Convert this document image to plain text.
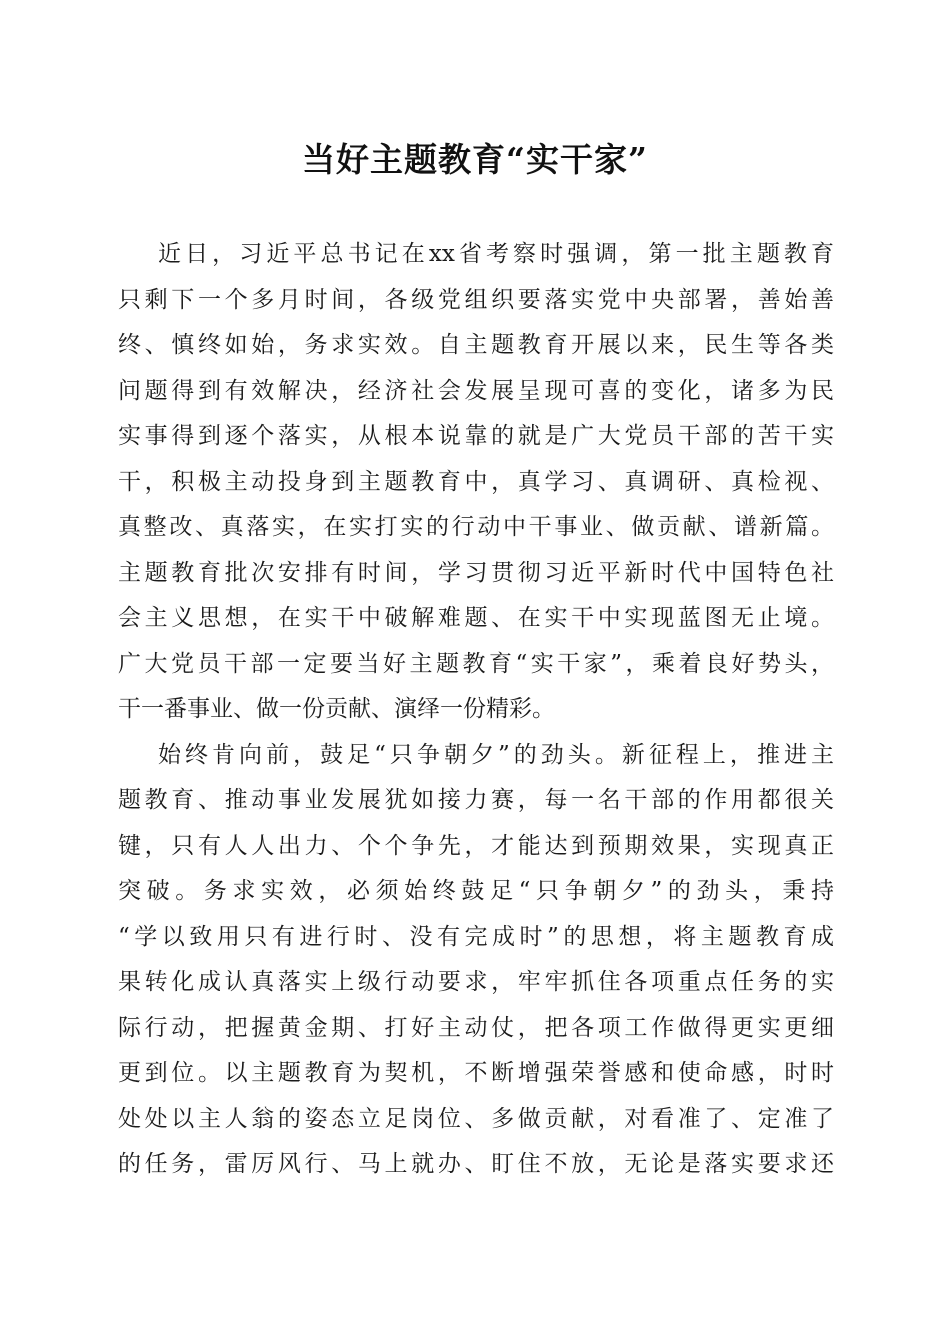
当好主题教育“实干家”
近日，习近平总书记在xx省考察时强调，第一批主题教育
只剩下一个多月时间，各级党组织要落实党中央部署，善始善
终、慎终如始，务求实效。自主题教育开展以来，民生等各类
问题得到有效解决，经济社会发展呈现可喜的变化，诸多为民
实事得到逐个落实，从根本说靠的就是广大党员干部的苦干实
干，积极主动投身到主题教育中，真学习、真调研、真检视、
真整改、真落实，在实打实的行动中干事业、做贡献、谱新篇。
主题教育批次安排有时间，学习贯彻习近平新时代中国特色社
会主义思想，在实干中破解难题、在实干中实现蓝图无止境。
广大党员干部一定要当好主题教育“实干家”，乘着良好势头，
干一番事业、做一份贡献、演绎一份精彩。
始终肯向前，鼓足“只争朝夕”的劲头。新征程上，推进主
题教育、推动事业发展犹如接力赛，每一名干部的作用都很关
键，只有人人出力、个个争先，才能达到预期效果，实现真正
突破。务求实效，必须始终鼓足“只争朝夕”的劲头，秉持
“学以致用只有进行时、没有完成时”的思想，将主题教育成
果转化成认真落实上级行动要求，牢牢抓住各项重点任务的实
际行动，把握黄金期、打好主动仗，把各项工作做得更实更细
更到位。以主题教育为契机，不断增强荣誉感和使命感，时时
处处以主人翁的姿态立足岗位、多做贡献，对看准了、定准了
的任务，雷厉风行、马上就办、盯住不放，无论是落实要求还
